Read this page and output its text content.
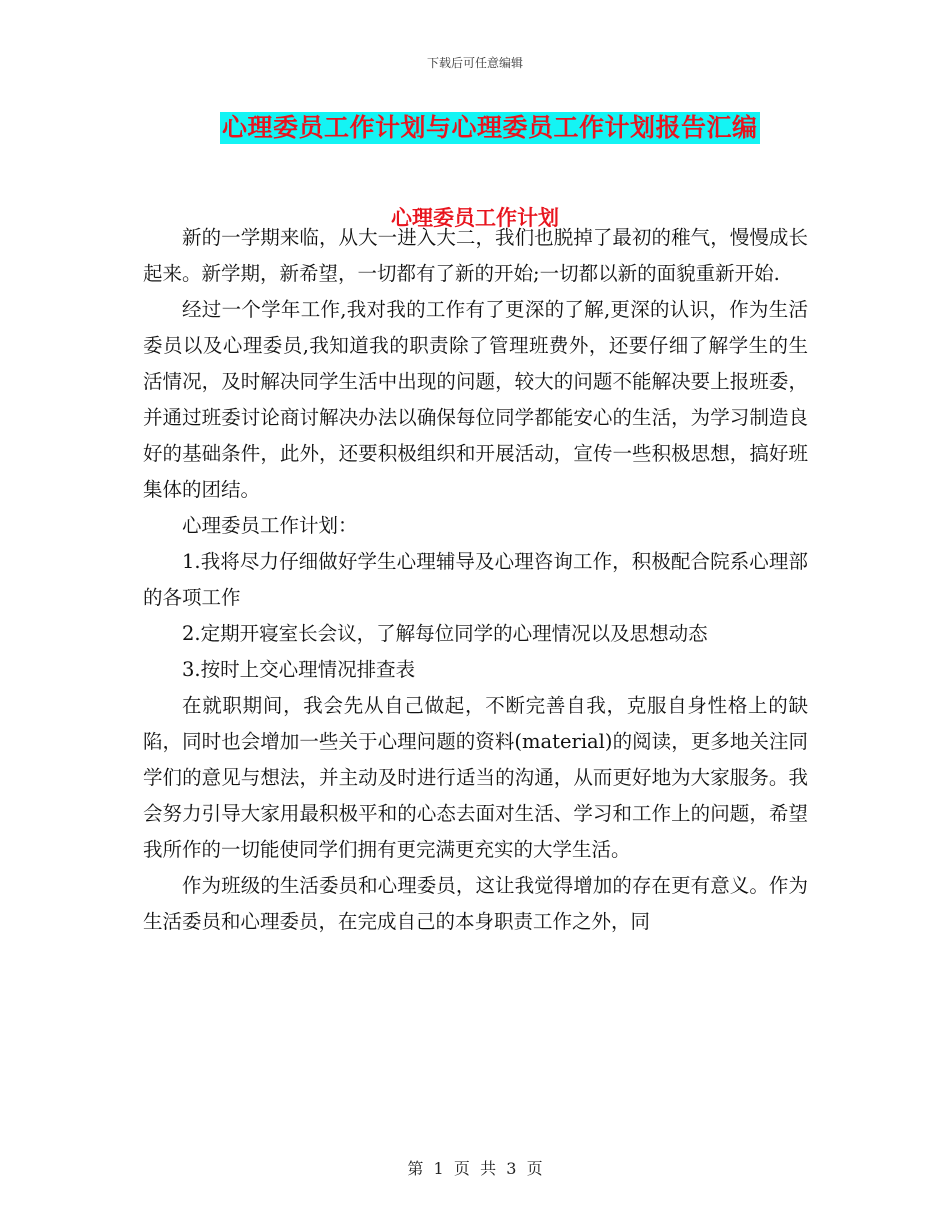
下载后可任意编辑
心理委员工作计划与心理委员工作计划报告汇编
心理委员工作计划

新的一学期来临，从大一进入大二，我们也脱掉了最初的稚气，慢慢成长起来。新学期，新希望，一切都有了新的开始;一切都以新的面貌重新开始.

经过一个学年工作,我对我的工作有了更深的了解,更深的认识，作为生活委员以及心理委员,我知道我的职责除了管理班费外，还要仔细了解学生的生活情况，及时解决同学生活中出现的问题，较大的问题不能解决要上报班委，并通过班委讨论商讨解决办法以确保每位同学都能安心的生活，为学习制造良好的基础条件，此外，还要积极组织和开展活动，宣传一些积极思想，搞好班集体的团结。

心理委员工作计划：

1.我将尽力仔细做好学生心理辅导及心理咨询工作，积极配合院系心理部的各项工作

2.定期开寝室长会议，了解每位同学的心理情况以及思想动态

3.按时上交心理情况排查表

在就职期间，我会先从自己做起，不断完善自我，克服自身性格上的缺陷，同时也会增加一些关于心理问题的资料(material)的阅读，更多地关注同学们的意见与想法，并主动及时进行适当的沟通，从而更好地为大家服务。我会努力引导大家用最积极平和的心态去面对生活、学习和工作上的问题，希望我所作的一切能使同学们拥有更完满更充实的大学生活。

作为班级的生活委员和心理委员，这让我觉得增加的存在更有意义。作为生活委员和心理委员，在完成自己的本身职责工作之外，同

第  1  页  共  3  页
